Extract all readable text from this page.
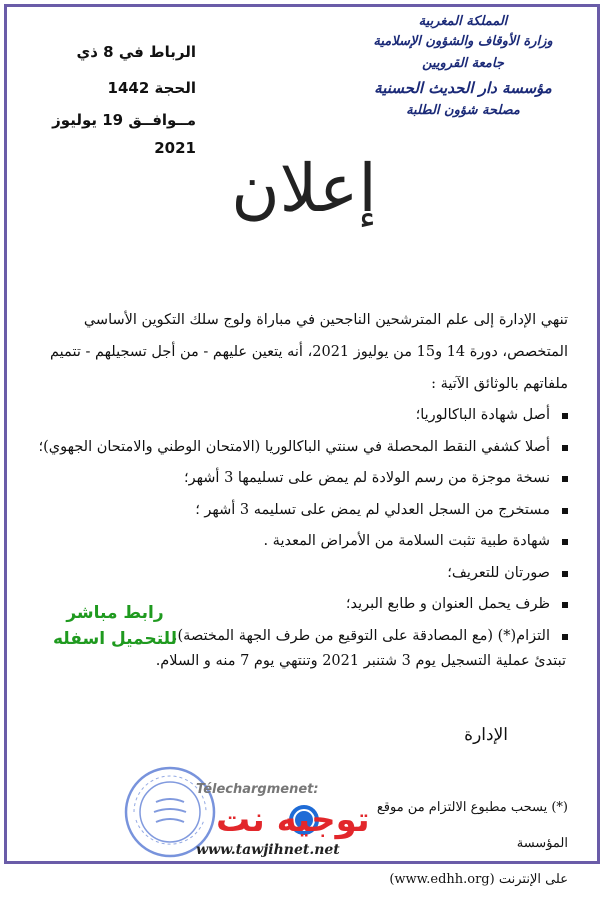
المملكة المغربية
وزارة الأوقاف والشؤون الإسلامية
جامعة القرويين
مؤسسة دار الحديث الحسنية
مصلحة شؤون الطلبة
الرباط في 8 ذي الحجة 1442
مــوافــق 19 يوليوز 2021
إعلان
تنهي الإدارة إلى علم المترشحين الناجحين في مباراة ولوج سلك التكوين الأساسي
المتخصص، دورة 14 و15 من يوليوز 2021، أنه يتعين عليهم - من أجل تسجيلهم - تتميم
ملفاتهم بالوثائق الآتية :
أصل شهادة الباكالوريا؛
أصلا كشفي النقط المحصلة في سنتي الباكالوريا (الامتحان الوطني والامتحان الجهوي)؛
نسخة موجزة من رسم الولادة لم يمض على تسليمها 3 أشهر؛
مستخرج من السجل العدلي لم يمض على تسليمه 3 أشهر ؛
شهادة طبية تثبت السلامة من الأمراض المعدية .
صورتان للتعريف؛
ظرف يحمل العنوان و طابع البريد؛
التزام(*) (مع المصادقة على التوقيع من طرف الجهة المختصة).
رابط مباشر
للتحميل اسفله
تبتدئ عملية التسجيل يوم 3 شتنبر 2021 وتنتهي يوم 7 منه و السلام.
الإدارة
(*) يسحب مطبوع الالتزام من موقع المؤسسة
على الإنترنت (www.edhh.org)
Télechargmenet:
توجيه نت
www.tawjihnet.net
